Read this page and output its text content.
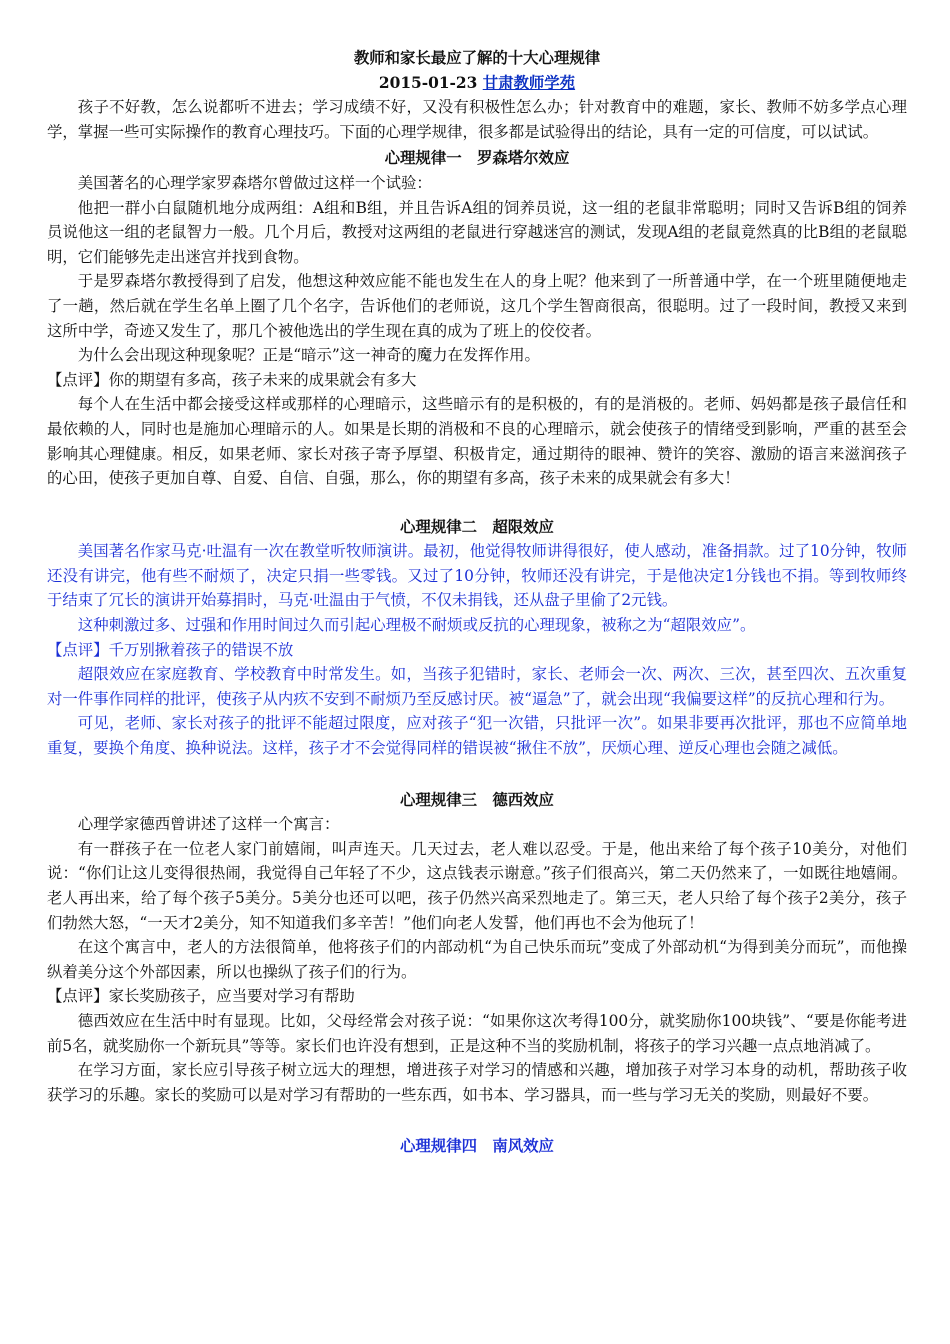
教师和家长最应了解的十大心理规律

2015-01-23 甘肃教师学苑

孩子不好教，怎么说都听不进去；学习成绩不好，又没有积极性怎么办；针对教育中的难题，家长、教师不妨多学点心理学，掌握一些可实际操作的教育心理技巧。下面的心理学规律，很多都是试验得出的结论，具有一定的可信度，可以试试。

心理规律一　罗森塔尔效应

美国著名的心理学家罗森塔尔曾做过这样一个试验：

他把一群小白鼠随机地分成两组：A组和B组，并且告诉A组的饲养员说，这一组的老鼠非常聪明；同时又告诉B组的饲养员说他这一组的老鼠智力一般。几个月后，教授对这两组的老鼠进行穿越迷宫的测试，发现A组的老鼠竟然真的比B组的老鼠聪明，它们能够先走出迷宫并找到食物。

于是罗森塔尔教授得到了启发，他想这种效应能不能也发生在人的身上呢？他来到了一所普通中学，在一个班里随便地走了一趟，然后就在学生名单上圈了几个名字，告诉他们的老师说，这几个学生智商很高，很聪明。过了一段时间，教授又来到这所中学，奇迹又发生了，那几个被他选出的学生现在真的成为了班上的佼佼者。

为什么会出现这种现象呢？正是“暗示”这一神奇的魔力在发挥作用。

【点评】你的期望有多高，孩子未来的成果就会有多大

每个人在生活中都会接受这样或那样的心理暗示，这些暗示有的是积极的，有的是消极的。老师、妈妈都是孩子最信任和最依赖的人，同时也是施加心理暗示的人。如果是长期的消极和不良的心理暗示，就会使孩子的情绪受到影响，严重的甚至会影响其心理健康。相反，如果老师、家长对孩子寄予厚望、积极肯定，通过期待的眼神、赞许的笑容、激励的语言来滋润孩子的心田，使孩子更加自尊、自爱、自信、自强，那么，你的期望有多高，孩子未来的成果就会有多大！

心理规律二　超限效应

美国著名作家马克·吐温有一次在教堂听牧师演讲。最初，他觉得牧师讲得很好，使人感动，准备捐款。过了10分钟，牧师还没有讲完，他有些不耐烦了，决定只捐一些零钱。又过了10分钟，牧师还没有讲完，于是他决定1分钱也不捐。等到牧师终于结束了冗长的演讲开始募捐时，马克·吐温由于气愤，不仅未捐钱，还从盘子里偷了2元钱。

这种刺激过多、过强和作用时间过久而引起心理极不耐烦或反抗的心理现象，被称之为“超限效应”。

【点评】千万别揪着孩子的错误不放

超限效应在家庭教育、学校教育中时常发生。如，当孩子犯错时，家长、老师会一次、两次、三次，甚至四次、五次重复对一件事作同样的批评，使孩子从内疚不安到不耐烦乃至反感讨厌。被“逼急”了，就会出现“我偏要这样”的反抗心理和行为。

可见，老师、家长对孩子的批评不能超过限度，应对孩子“犯一次错，只批评一次”。如果非要再次批评，那也不应简单地重复，要换个角度、换种说法。这样，孩子才不会觉得同样的错误被“揪住不放”，厌烦心理、逆反心理也会随之减低。

心理规律三　德西效应

心理学家德西曾讲述了这样一个寓言：

有一群孩子在一位老人家门前嬉闹，叫声连天。几天过去，老人难以忍受。于是，他出来给了每个孩子10美分，对他们说：“你们让这儿变得很热闹，我觉得自己年轻了不少，这点钱表示谢意。”孩子们很高兴，第二天仍然来了，一如既往地嬉闹。老人再出来，给了每个孩子5美分。5美分也还可以吧，孩子仍然兴高采烈地走了。第三天，老人只给了每个孩子2美分，孩子们勃然大怒，“一天才2美分，知不知道我们多辛苦！”他们向老人发誓，他们再也不会为他玩了！

在这个寓言中，老人的方法很简单，他将孩子们的内部动机“为自己快乐而玩”变成了外部动机“为得到美分而玩”，而他操纵着美分这个外部因素，所以也操纵了孩子们的行为。

【点评】家长奖励孩子，应当要对学习有帮助

德西效应在生活中时有显现。比如，父母经常会对孩子说：“如果你这次考得100分，就奖励你100块钱”、“要是你能考进前5名，就奖励你一个新玩具”等等。家长们也许没有想到，正是这种不当的奖励机制，将孩子的学习兴趣一点点地消减了。

在学习方面，家长应引导孩子树立远大的理想，增进孩子对学习的情感和兴趣，增加孩子对学习本身的动机，帮助孩子收获学习的乐趣。家长的奖励可以是对学习有帮助的一些东西，如书本、学习器具，而一些与学习无关的奖励，则最好不要。

心理规律四　南风效应
